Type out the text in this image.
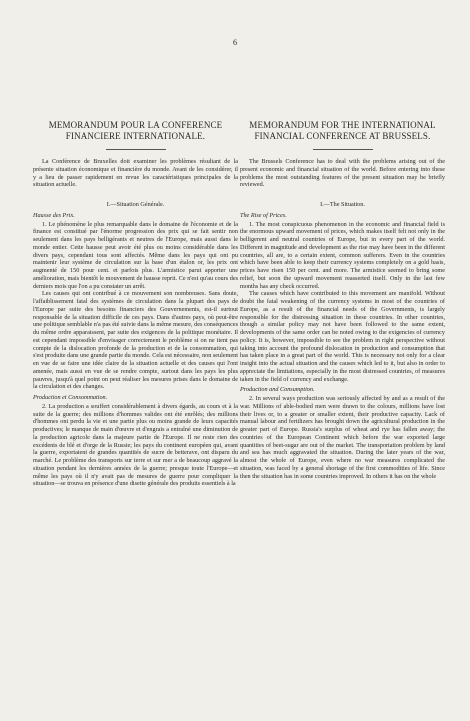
6
MEMORANDUM POUR LA CONFERENCE
FINANCIERE INTERNATIONALE.

La Conférence de Bruxelles doit examiner les problèmes résultant de la présente situation économique et financière du monde. Avant de les considérer, il y a lieu de passer rapidement en revue les caractéristiques principales de la situation actuelle.

I.—Situation Générale.
Hausse des Prix.

1. Le phénomène le plus remarquable dans le domaine de l'économie et de la finance est constitué par l'énorme progression des prix qui se fait sentir non seulement dans les pays belligérants et neutres de l'Europe, mais aussi dans le monde entier. Cette hausse peut avoir été plus ou moins considérable dans les divers pays, cependant tous sont affectés. Même dans les pays qui ont pu maintenir leur système de circulation sur la base d'un étalon or, les prix ont augmenté de 150 pour cent. et parfois plus. L'armistice parut apporter une amélioration, mais bientôt le mouvement de hausse reprit. Ce n'est qu'au cours des derniers mois que l'on a pu constater un arrêt.

Les causes qui ont contribué à ce mouvement son nombreuses. Sans doute, l'affaiblissement fatal des systèmes de circulation dans la plupart des pays de l'Europe par suite des besoins financiers des Gouvernements, est-il surtout responsable de la situation difficile de ces pays. Dans d'autres pays, où peut-être une politique semblable n'a pas été suivie dans la même mesure, des conséquences du même ordre apparaissent, par suite des exigences de la politique monétaire. Il est cependant impossible d'envisager correctement le problème si on ne tient pas compte de la dislocation profonde de la production et de la consommation, qui s'est produite dans une grande partie du monde. Cela est nécessaire, non seulement en vue de se faire une idée claire de la situation actuelle et des causes qui l'ont amenée, mais aussi en vue de se rendre compte, surtout dans les pays les plus pauvres, jusqu'à quel point on peut réaliser les mesures prises dans le domaine de la circulation et des changes.

Production et Consommation.

2. La production a souffert considérablement à divers égards, au cours et à la suite de la guerre; des millions d'hommes valides ont été enrôlés; des millions d'hommes ont perdu la vie et une partie plus ou moins grande de leurs capacités productives; le manque de main d'œuvre et d'engrais a entraîné une diminution de la production agricole dans la majeure partie de l'Europe. Il ne reste rien des excédents de blé et d'orge de la Russie; les pays du continent européen qui, avant la guerre, exportaient de grandes quantités de sucre de betterave, ont disparu du marché. Le problème des transports sur terre et sur mer a de beaucoup aggravé la situation pendant les dernières années de la guerre; presque toute l'Europe—et même les pays où il n'y avait pas de mesures de guerre pour compliquer la situation—se trouva en présence d'une disette générale des produits essentiels à la

MEMORANDUM FOR THE INTERNATIONAL
FINANCIAL CONFERENCE AT BRUSSELS.

The Brussels Conference has to deal with the problems arising out of the present economic and financial situation of the world. Before entering into these problems the most outstanding features of the present situation may be briefly reviewed.

I.—The Situation.
The Rise of Prices.

1. The most conspicuous phenomenon in the economic and financial field is the enormous upward movement of prices, which makes itself felt not only in the belligerent and neutral countries of Europe, but in every part of the world. Different in magnitude and development as the rise may have been in the different countries, all are, to a certain extent, common sufferers. Even in the countries which have been able to keep their currency systems completely on a gold basis, prices have risen 150 per cent. and more. The armistice seemed to bring some relief, but soon the upward movement reasserted itself. Only in the last few months has any check occurred.

The causes which have contributed to this movement are manifold. Without doubt the fatal weakening of the currency systems in most of the countries of Europe, as a result of the financial needs of the Governments, is largely responsible for the distressing situation in these countries. In other countries, though a similar policy may not have been followed to the same extent, developments of the same order can be noted owing to the exigencies of currency policy. It is, however, impossible to see the problem in right perspective without taking into account the profound dislocation in production and consumption that has taken place in a great part of the world. This is necessary not only for a clear insight into the actual situation and the causes which led to it, but also in order to appreciate the limitations, especially in the most distressed countries, of measures taken in the field of currency and exchange.

Production and Consumption.

2. In several ways production was seriously affected by and as a result of the war. Millions of able-bodied men were drawn to the colours, millions have lost their lives or, to a greater or smaller extent, their productive capacity. Lack of manual labour and fertilizers has brought down the agricultural production in the greater part of Europe. Russia's surplus of wheat and rye has fallen away; the countries of the European Continent which before the war exported large quantities of beet-sugar are out of the market. The transportation problem by land and sea has much aggravated the situation. During the later years of the war, almost the whole of Europe, even where no war measures complicated the situation, was faced by a general shortage of the first commodities of life. Since then the situation has in some countries improved. In others it has on the whole
